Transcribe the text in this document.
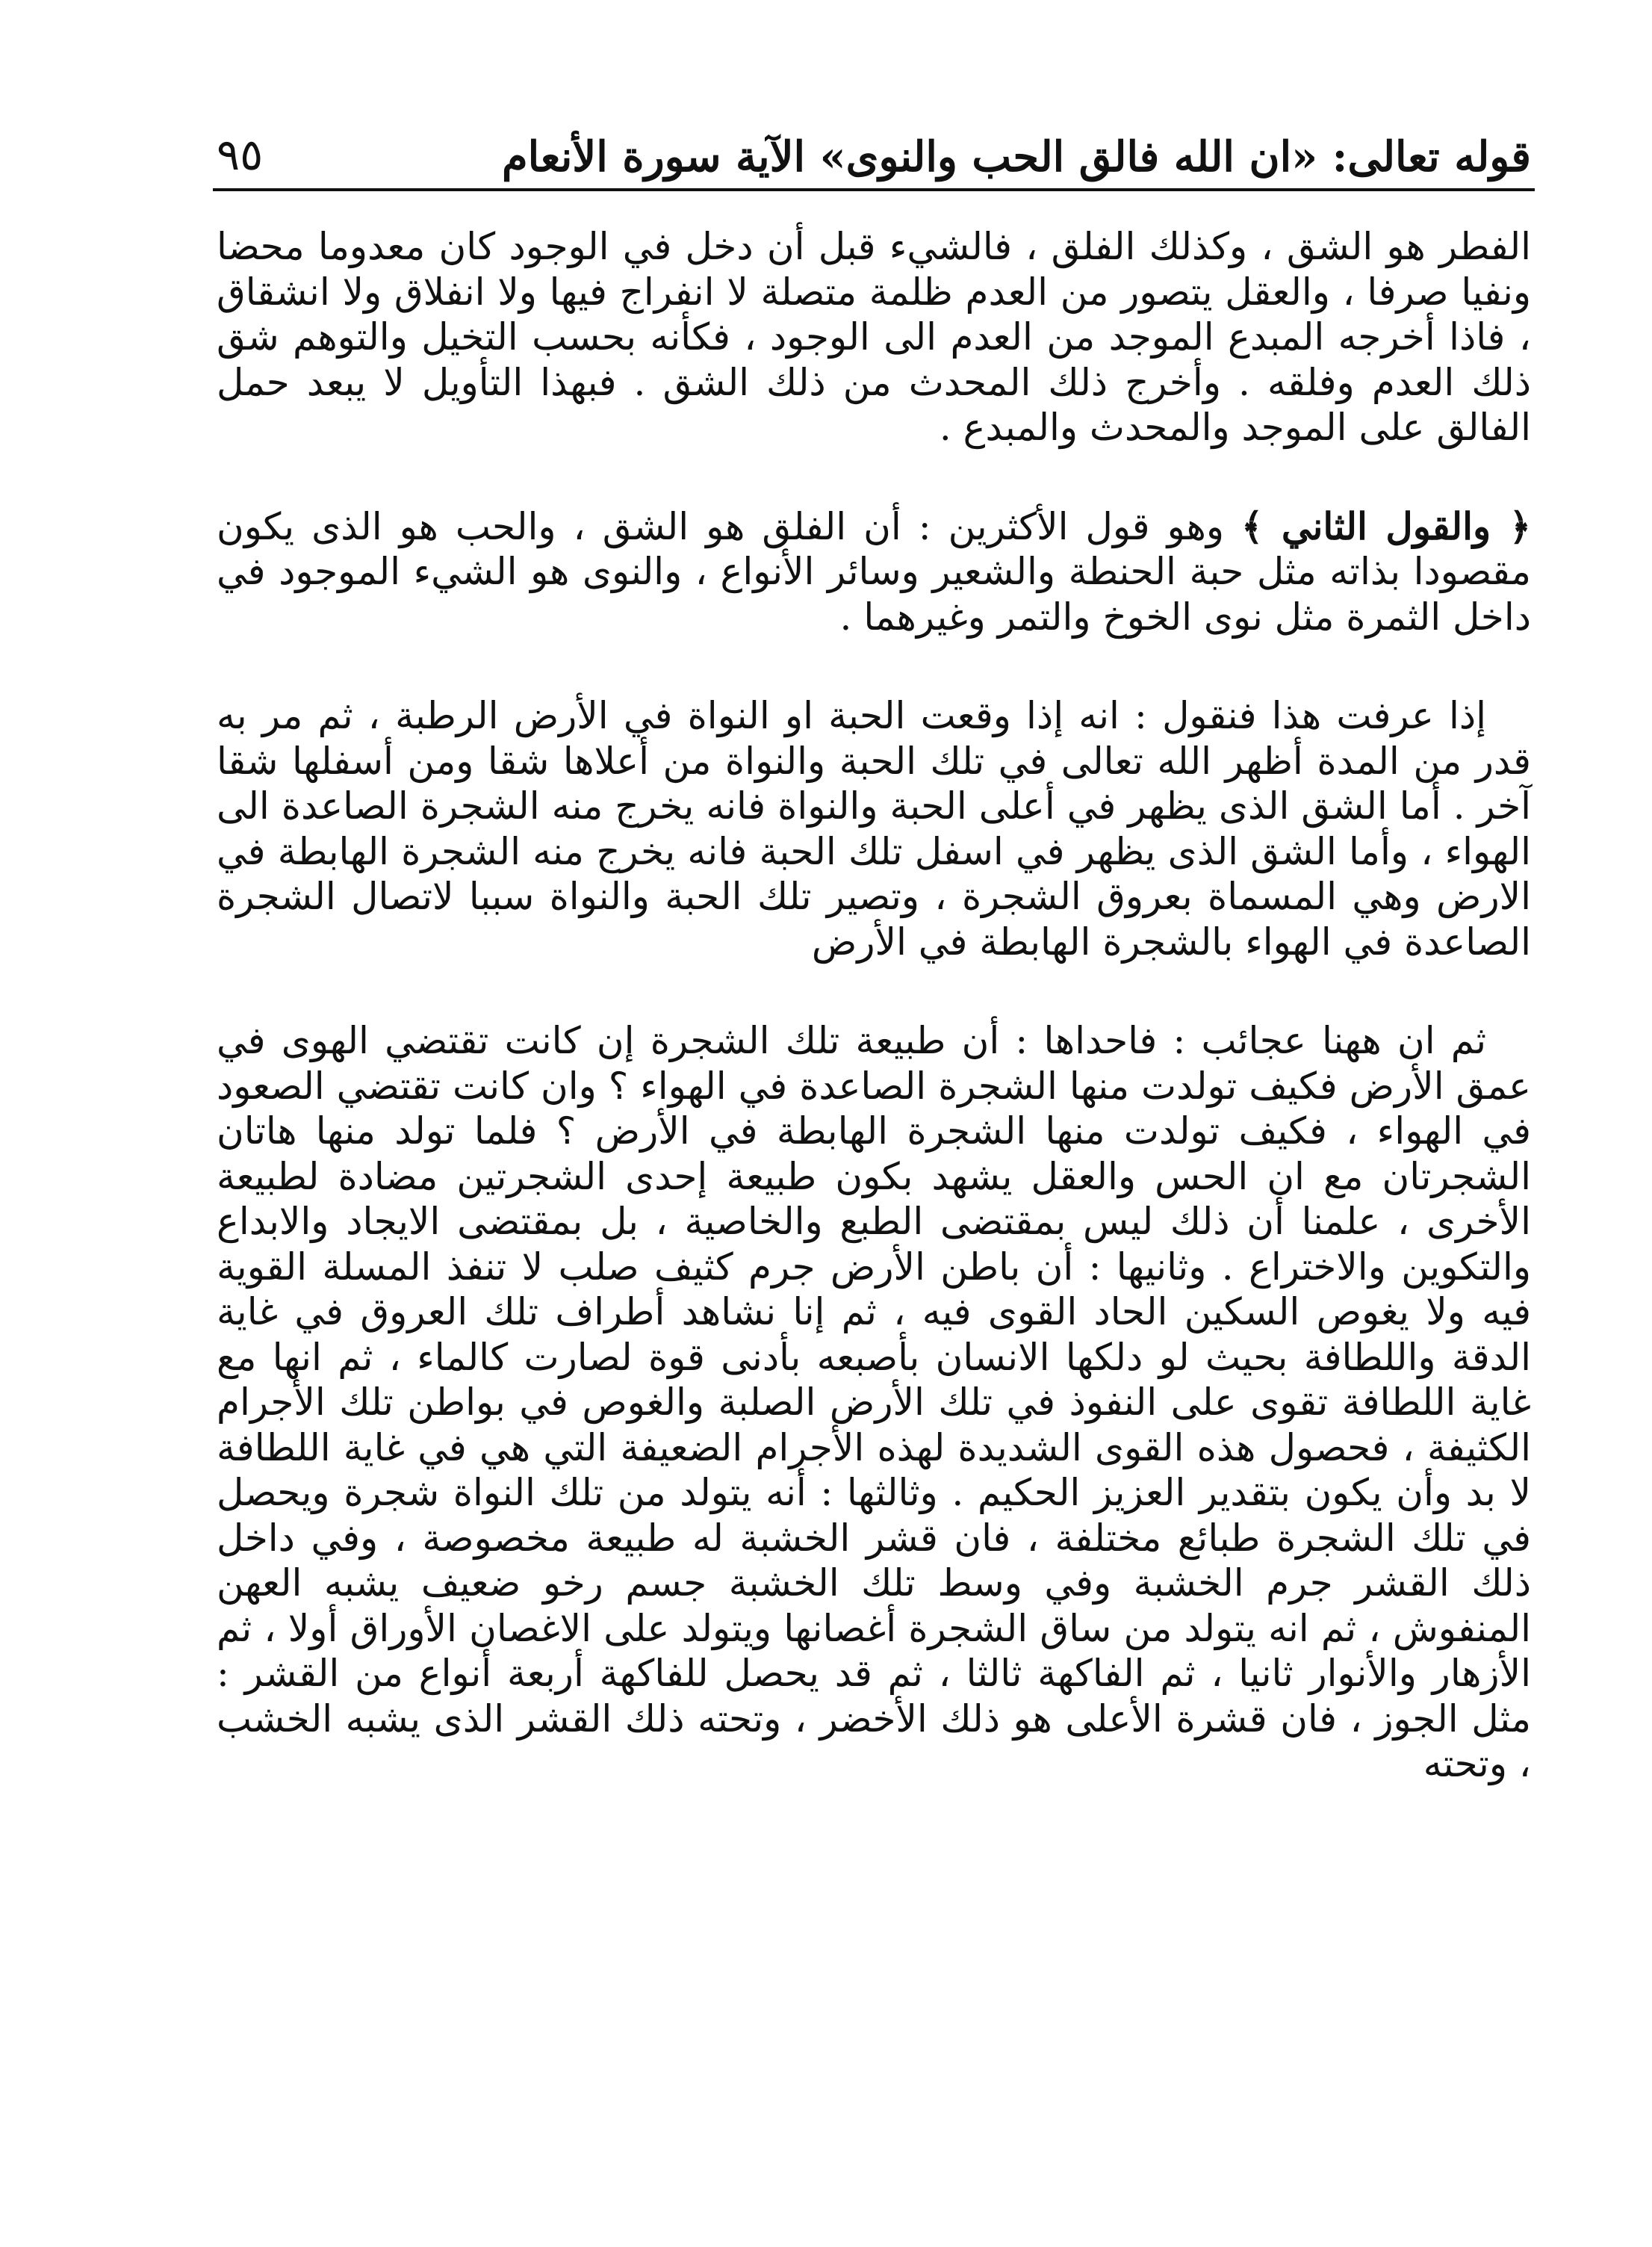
٩٥	قوله تعالى: «ان الله فالق الحب والنوى» الآية سورة الأنعام

الفطر هو الشق ، وكذلك الفلق ، فالشيء قبل أن دخل في الوجود كان معدوما محضا ونفيا صرفا ، والعقل يتصور من العدم ظلمة متصلة لا انفراج فيها ولا انفلاق ولا انشقاق ، فاذا أخرجه المبدع الموجد من العدم الى الوجود ، فكأنه بحسب التخيل والتوهم شق ذلك العدم وفلقه . وأخرج ذلك المحدث من ذلك الشق . فبهذا التأويل لا يبعد حمل الفالق على الموجد والمحدث والمبدع .

﴿ والقول الثاني ﴾ وهو قول الأكثرين : أن الفلق هو الشق ، والحب هو الذى يكون مقصودا بذاته مثل حبة الحنطة والشعير وسائر الأنواع ، والنوى هو الشيء الموجود في داخل الثمرة مثل نوى الخوخ والتمر وغيرهما .

إذا عرفت هذا فنقول : انه إذا وقعت الحبة او النواة في الأرض الرطبة ، ثم مر به قدر من المدة أظهر الله تعالى في تلك الحبة والنواة من أعلاها شقا ومن أسفلها شقا آخر . أما الشق الذى يظهر في أعلى الحبة والنواة فانه يخرج منه الشجرة الصاعدة الى الهواء ، وأما الشق الذى يظهر في اسفل تلك الحبة فانه يخرج منه الشجرة الهابطة في الارض وهي المسماة بعروق الشجرة ، وتصير تلك الحبة والنواة سببا لاتصال الشجرة الصاعدة في الهواء بالشجرة الهابطة في الأرض

ثم ان ههنا عجائب : فاحداها : أن طبيعة تلك الشجرة إن كانت تقتضي الهوى في عمق الأرض فكيف تولدت منها الشجرة الصاعدة في الهواء ؟ وان كانت تقتضي الصعود في الهواء ، فكيف تولدت منها الشجرة الهابطة في الأرض ؟ فلما تولد منها هاتان الشجرتان مع ان الحس والعقل يشهد بكون طبيعة إحدى الشجرتين مضادة لطبيعة الأخرى ، علمنا أن ذلك ليس بمقتضى الطبع والخاصية ، بل بمقتضى الايجاد والابداع والتكوين والاختراع . وثانيها : أن باطن الأرض جرم كثيف صلب لا تنفذ المسلة القوية فيه ولا يغوص السكين الحاد القوى فيه ، ثم إنا نشاهد أطراف تلك العروق في غاية الدقة واللطافة بحيث لو دلكها الانسان بأصبعه بأدنى قوة لصارت كالماء ، ثم انها مع غاية اللطافة تقوى على النفوذ في تلك الأرض الصلبة والغوص في بواطن تلك الأجرام الكثيفة ، فحصول هذه القوى الشديدة لهذه الأجرام الضعيفة التي هي في غاية اللطافة لا بد وأن يكون بتقدير العزيز الحكيم . وثالثها : أنه يتولد من تلك النواة شجرة ويحصل في تلك الشجرة طبائع مختلفة ، فان قشر الخشبة له طبيعة مخصوصة ، وفي داخل ذلك القشر جرم الخشبة وفي وسط تلك الخشبة جسم رخو ضعيف يشبه العهن المنفوش ، ثم انه يتولد من ساق الشجرة أغصانها ويتولد على الاغصان الأوراق أولا ، ثم الأزهار والأنوار ثانيا ، ثم الفاكهة ثالثا ، ثم قد يحصل للفاكهة أربعة أنواع من القشر : مثل الجوز ، فان قشرة الأعلى هو ذلك الأخضر ، وتحته ذلك القشر الذى يشبه الخشب ، وتحته
